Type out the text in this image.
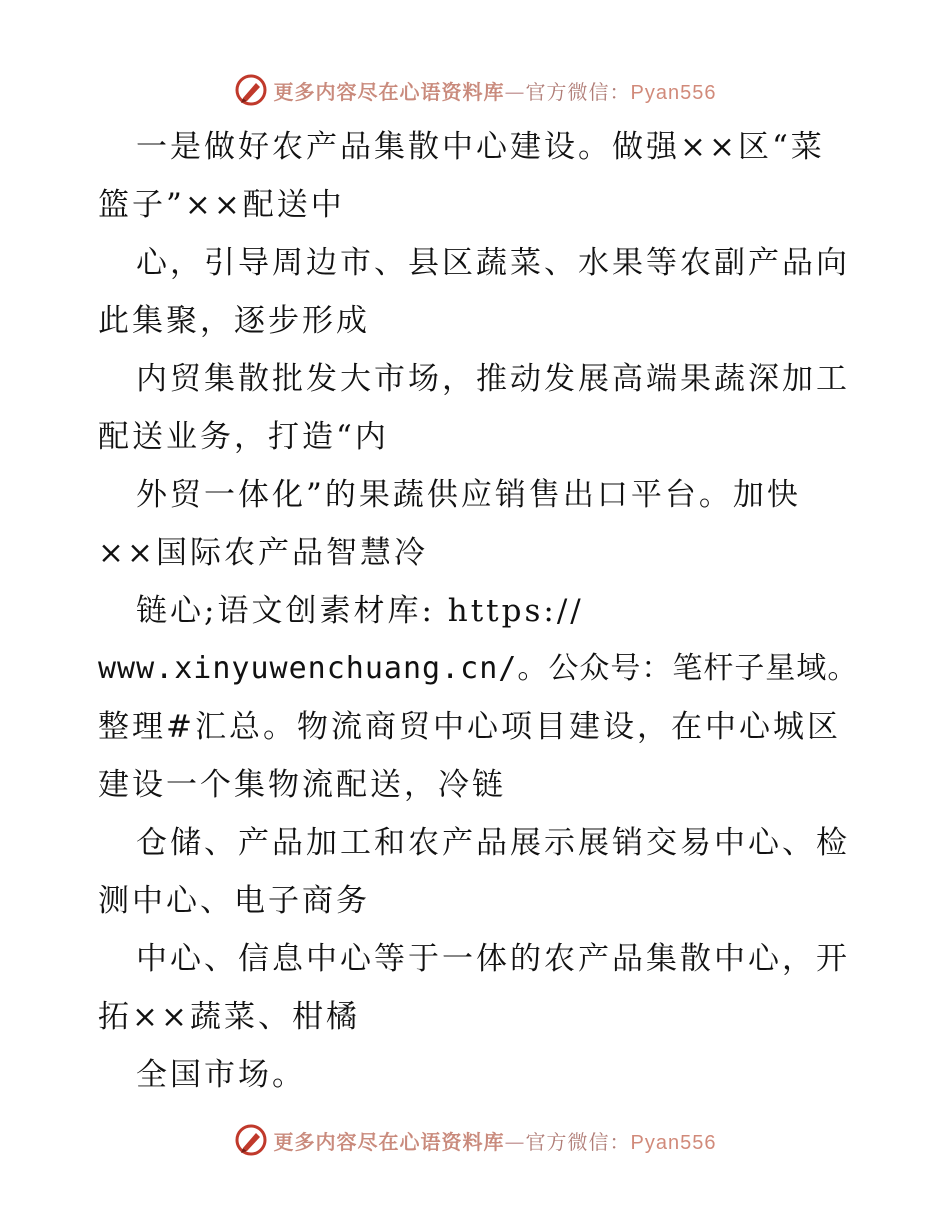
更多内容尽在心语资料库—官方微信：Pyan556
一是做好农产品集散中心建设。做强××区“菜
篮子”××配送中
心，引导周边市、县区蔬菜、水果等农副产品向
此集聚，逐步形成
内贸集散批发大市场，推动发展高端果蔬深加工
配送业务，打造“内
外贸一体化”的果蔬供应销售出口平台。加快
××国际农产品智慧冷
链心;语文创素材库: https://
www.xinyuwenchuang.cn/。公众号：笔杆子星域。
整理#汇总。物流商贸中心项目建设，在中心城区
建设一个集物流配送，冷链
仓储、产品加工和农产品展示展销交易中心、检
测中心、电子商务
中心、信息中心等于一体的农产品集散中心，开
拓××蔬菜、柑橘
全国市场。
更多内容尽在心语资料库—官方微信：Pyan556
